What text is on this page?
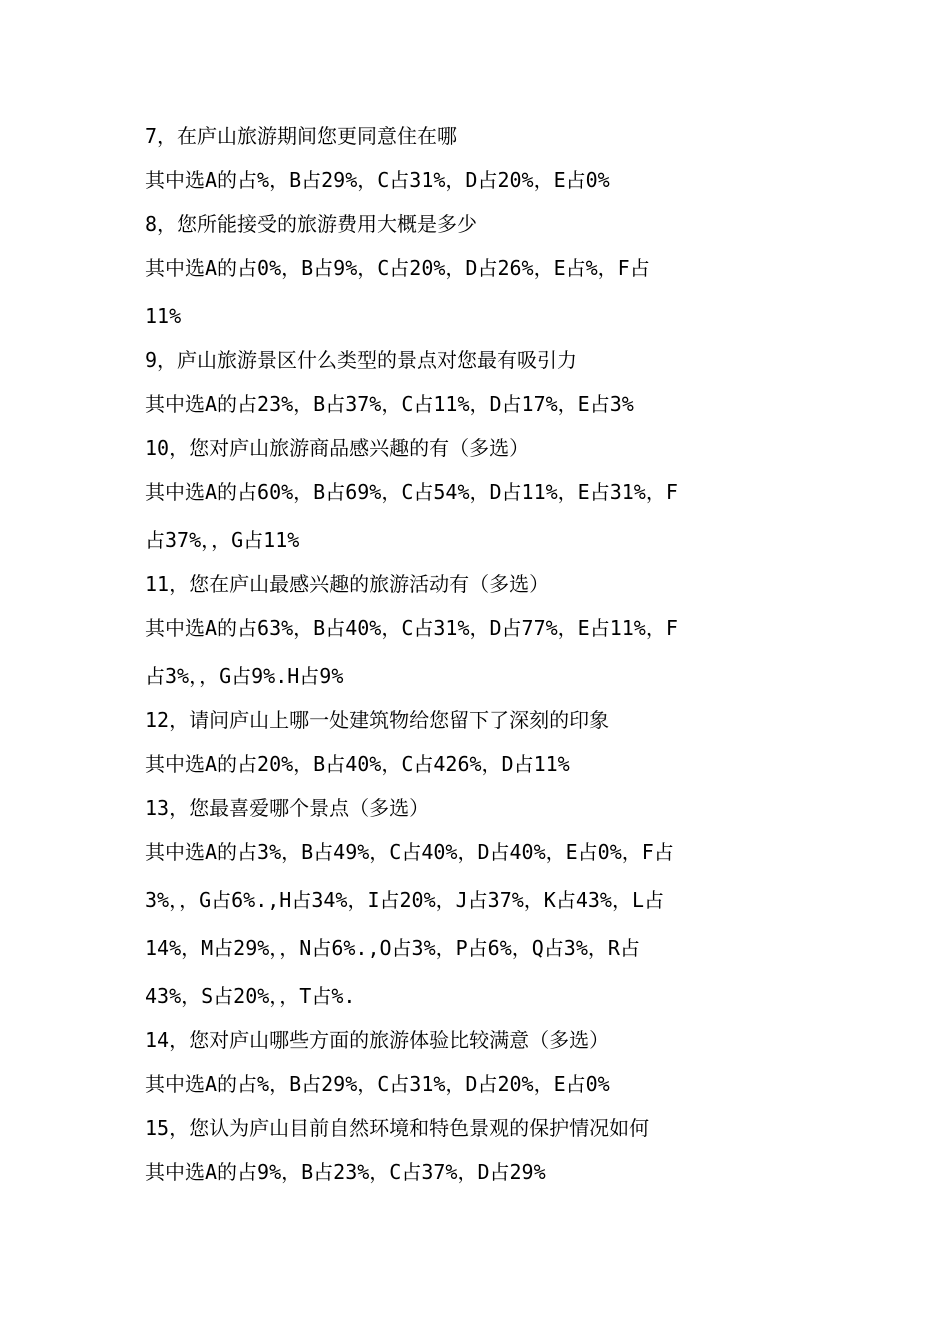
7，在庐山旅游期间您更同意住在哪
其中选A的占%，B占29%，C占31%，D占20%，E占0%
8，您所能接受的旅游费用大概是多少
其中选A的占0%，B占9%，C占20%，D占26%，E占%，F占
11%
9，庐山旅游景区什么类型的景点对您最有吸引力
其中选A的占23%，B占37%，C占11%，D占17%，E占3%
10，您对庐山旅游商品感兴趣的有（多选）
其中选A的占60%，B占69%，C占54%，D占11%，E占31%，F
占37%，，G占11%
11，您在庐山最感兴趣的旅游活动有（多选）
其中选A的占63%，B占40%，C占31%，D占77%，E占11%，F
占3%，，G占9%.H占9%
12，请问庐山上哪一处建筑物给您留下了深刻的印象
其中选A的占20%，B占40%，C占426%，D占11%
13，您最喜爱哪个景点（多选）
其中选A的占3%，B占49%，C占40%，D占40%，E占0%，F占
3%，，G占6%.,H占34%，I占20%，J占37%，K占43%，L占
14%，M占29%，，N占6%.,O占3%，P占6%，Q占3%，R占
43%，S占20%，，T占%.
14，您对庐山哪些方面的旅游体验比较满意（多选）
其中选A的占%，B占29%，C占31%，D占20%，E占0%
15，您认为庐山目前自然环境和特色景观的保护情况如何
其中选A的占9%，B占23%，C占37%，D占29%
